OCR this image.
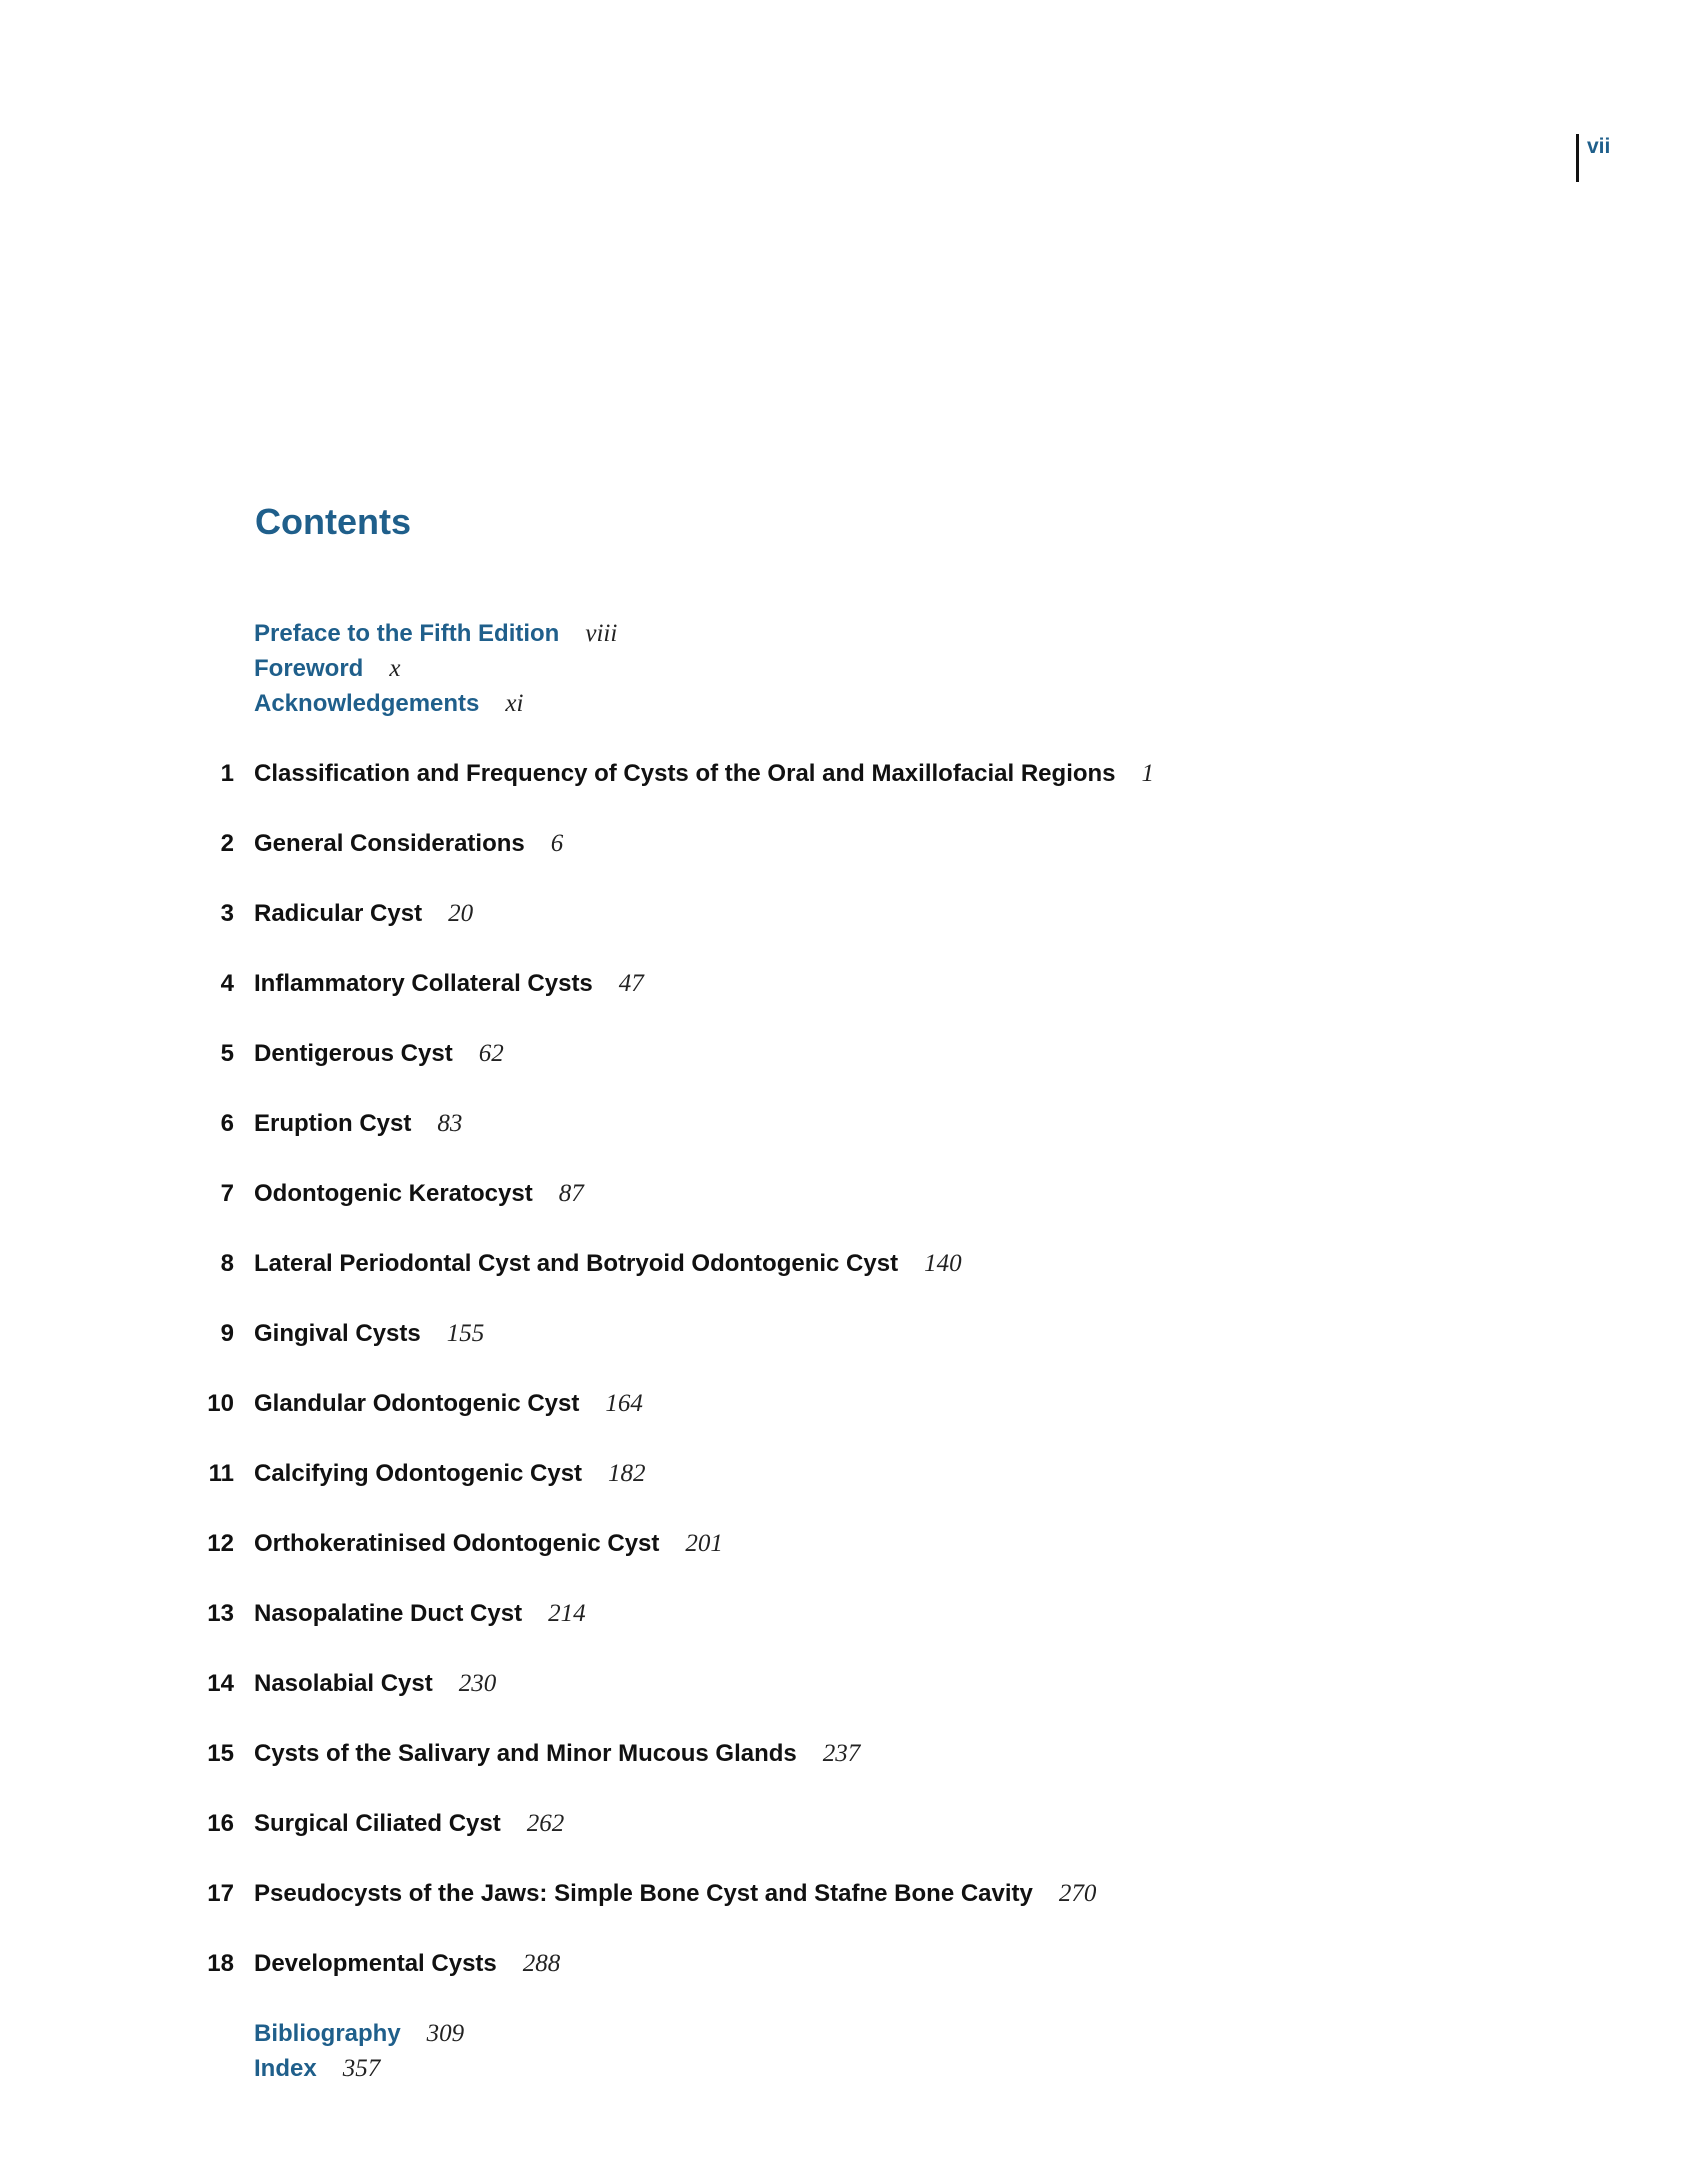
vii
Contents
Preface to the Fifth Edition viii
Foreword x
Acknowledgements xi
1 Classification and Frequency of Cysts of the Oral and Maxillofacial Regions 1
2 General Considerations 6
3 Radicular Cyst 20
4 Inflammatory Collateral Cysts 47
5 Dentigerous Cyst 62
6 Eruption Cyst 83
7 Odontogenic Keratocyst 87
8 Lateral Periodontal Cyst and Botryoid Odontogenic Cyst 140
9 Gingival Cysts 155
10 Glandular Odontogenic Cyst 164
11 Calcifying Odontogenic Cyst 182
12 Orthokeratinised Odontogenic Cyst 201
13 Nasopalatine Duct Cyst 214
14 Nasolabial Cyst 230
15 Cysts of the Salivary and Minor Mucous Glands 237
16 Surgical Ciliated Cyst 262
17 Pseudocysts of the Jaws: Simple Bone Cyst and Stafne Bone Cavity 270
18 Developmental Cysts 288
Bibliography 309
Index 357
